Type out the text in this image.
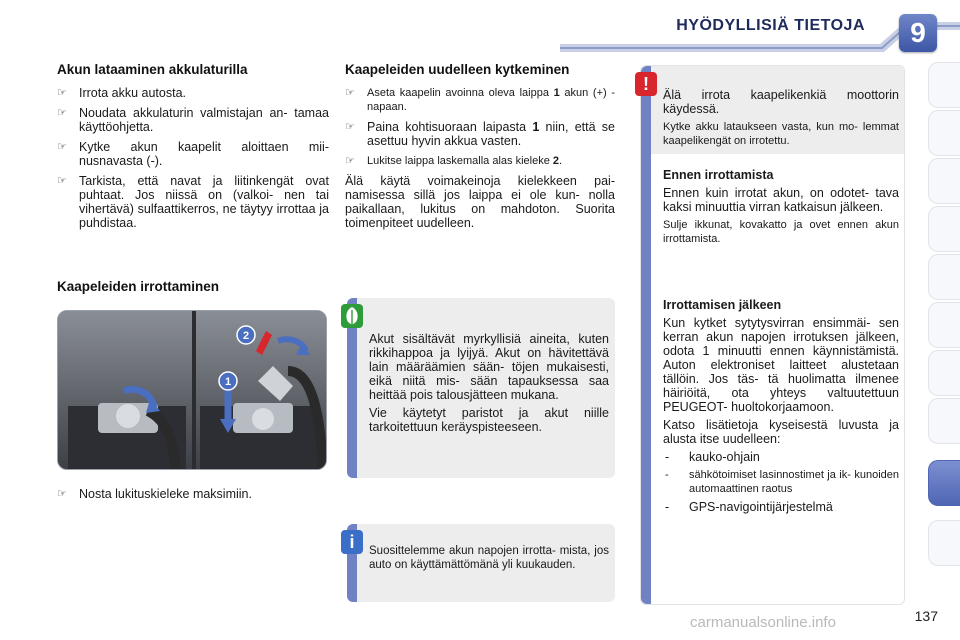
HYÖDYLLISIÄ TIETOJA	9
Akun lataaminen akkulaturilla
☞ Irrota akku autosta.
☞ Noudata akkulaturin valmistajan an- tamaa käyttöohjetta.
☞ Kytke akun kaapelit aloittaen mii- nusnavasta (-).
☞ Tarkista, että navat ja liitinkengät ovat puhtaat. Jos niissä on (valkoi- nen tai vihertävä) sulfaattikerros, ne täytyy irrottaa ja puhdistaa.
Kaapeleiden irrottaminen
1
2
☞ Nosta lukituskieleke maksimiin.
Kaapeleiden uudelleen kytkeminen
☞ Aseta kaapelin avoinna oleva laippa 1 akun (+) -napaan.
☞ Paina kohtisuoraan laipasta 1 niin, että se asettuu hyvin akkua vasten.
☞ Lukitse laippa laskemalla alas kieleke 2.

Älä käytä voimakeinoja kielekkeen pai- namisessa sillä jos laippa ei ole kun- nolla paikallaan, lukitus on mahdoton. Suorita toimenpiteet uudelleen.

Akut sisältävät myrkyllisiä aineita, kuten rikkihappoa ja lyijyä. Akut on hävitettävä lain määräämien sään- töjen mukaisesti, eikä niitä mis- sään tapauksessa saa heittää pois talousjätteen mukana.

Vie käytetyt paristot ja akut niille tarkoitettuun keräyspisteeseen.

i	Suosittelemme akun napojen irrotta- mista, jos auto on käyttämättömänä yli kuukauden.
!

Älä irrota kaapelikenkiä moottorin käydessä.

Kytke akku lataukseen vasta, kun mo- lemmat kaapelikengät on irrotettu.

Ennen irrottamista

Ennen kuin irrotat akun, on odotet- tava kaksi minuuttia virran katkaisun jälkeen.

Sulje ikkunat, kovakatto ja ovet ennen akun irrottamista.

Irrottamisen jälkeen

Kun kytket sytytysvirran ensimmäi- sen kerran akun napojen irrotuksen jälkeen, odota 1 minuutti ennen käynnistämistä. Auton elektroniset laitteet alustetaan tällöin. Jos täs- tä huolimatta ilmenee häiriöitä, ota yhteys valtuutettuun PEUGEOT- huoltokorjaamoon.

Katso lisätietoja kyseisestä luvusta ja alusta itse uudelleen:

- kauko-ohjain
- sähkötoimiset lasinnostimet ja ik- kunoiden automaattinen raotus
- GPS-navigointijärjestelmä
137
carmanualsonline.info
